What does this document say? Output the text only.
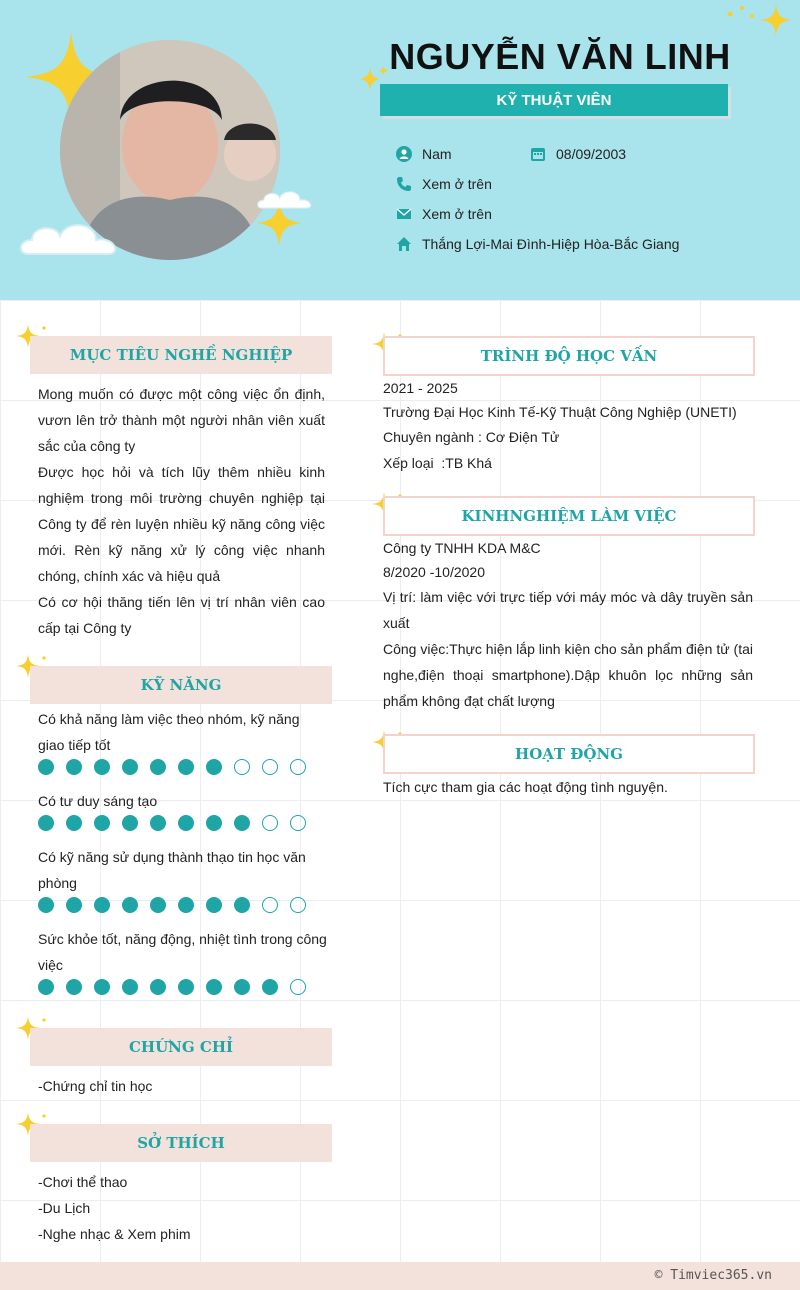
NGUYỄN VĂN LINH
KỸ THUẬT VIÊN
Nam	08/09/2003
Xem ở trên
Xem ở trên
Thắng Lợi-Mai Đình-Hiệp Hòa-Bắc Giang
MỤC TIÊU NGHỀ NGHIỆP
Mong muốn có được một công việc ổn định, vươn lên trở thành một người nhân viên xuất sắc của công ty
Được học hỏi và tích lũy thêm nhiều kinh nghiệm trong môi trường chuyên nghiệp tại Công ty để rèn luyện nhiều kỹ năng công việc mới. Rèn kỹ năng xử lý công việc nhanh chóng, chính xác và hiệu quả
Có cơ hội thăng tiến lên vị trí nhân viên cao cấp tại Công ty
KỸ NĂNG
Có khả năng làm việc theo nhóm, kỹ năng giao tiếp tốt
Có tư duy sáng tạo
Có kỹ năng sử dụng thành thạo tin học văn phòng
Sức khỏe tốt, năng động, nhiệt tình trong công việc
CHỨNG CHỈ
-Chứng chỉ tin học
SỞ THÍCH
-Chơi thể thao
-Du Lịch
-Nghe nhạc & Xem phim
TRÌNH ĐỘ HỌC VẤN
2021 - 2025
Trường Đại Học Kinh Tế-Kỹ Thuật Công Nghiệp (UNETI)
Chuyên ngành : Cơ Điện Tử
Xếp loại  :TB Khá
KINHNGHIỆM LÀM VIỆC
Công ty TNHH KDA M&C
8/2020 -10/2020
Vị trí: làm việc với trực tiếp với máy móc và dây truyền sản xuất
Công việc:Thực hiện lắp linh kiện cho sản phẩm điện tử (tai nghe,điện thoại smartphone).Dập khuôn lọc những sản phẩm không đạt chất lượng
HOẠT ĐỘNG
Tích cực tham gia các hoạt động tình nguyện.
© Timviec365.vn
